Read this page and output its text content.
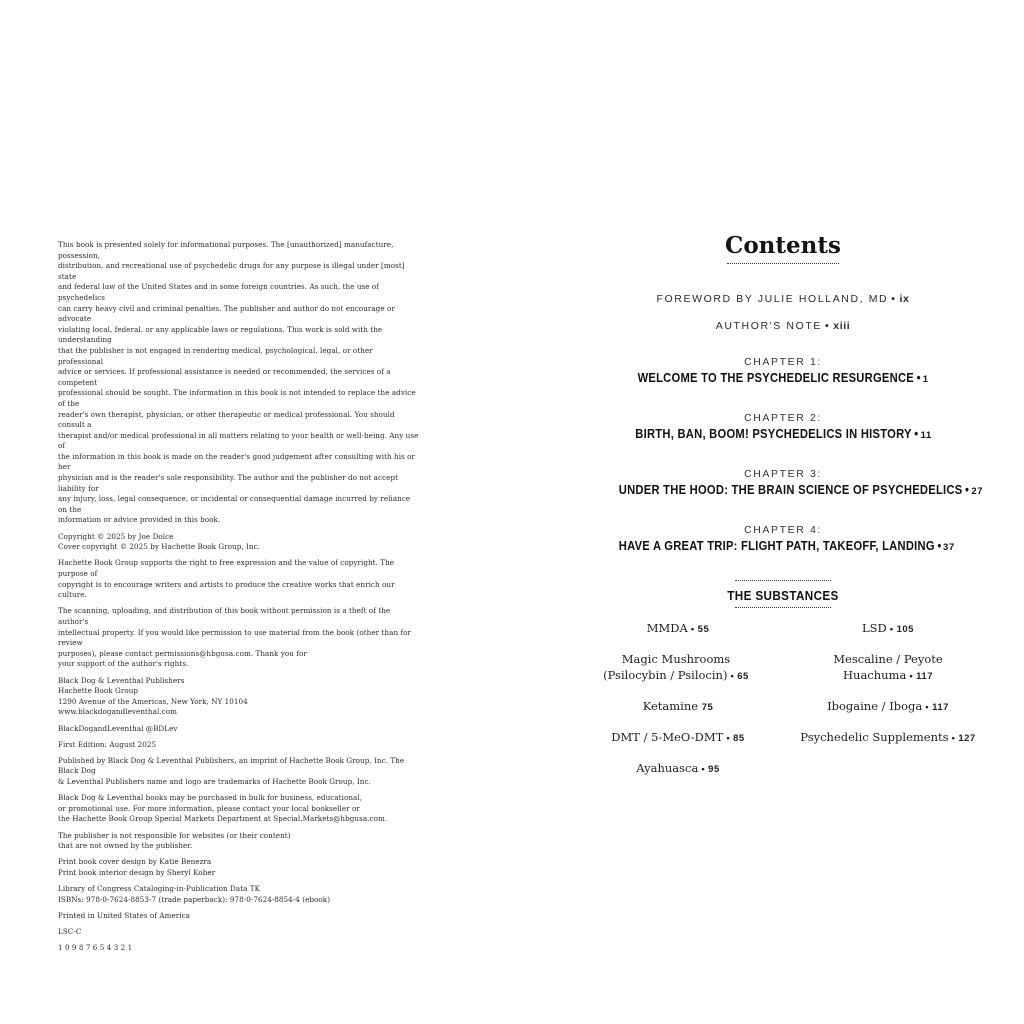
This book is presented solely for informational purposes. The [unauthorized] manufacture, possession,
distribution, and recreational use of psychedelic drugs for any purpose is illegal under [most] state
and federal law of the United States and in some foreign countries. As such, the use of psychedelics
can carry heavy civil and criminal penalties. The publisher and author do not encourage or advocate
violating local, federal, or any applicable laws or regulations. This work is sold with the understanding
that the publisher is not engaged in rendering medical, psychological, legal, or other professional
advice or services. If professional assistance is needed or recommended, the services of a competent
professional should be sought. The information in this book is not intended to replace the advice of the
reader's own therapist, physician, or other therapeutic or medical professional. You should consult a
therapist and/or medical professional in all matters relating to your health or well-being. Any use of
the information in this book is made on the reader's good judgement after consulting with his or her
physician and is the reader's sole responsibility. The author and the publisher do not accept liability for
any injury, loss, legal consequence, or incidental or consequential damage incurred by reliance on the
information or advice provided in this book.

Copyright © 2025 by Joe Dolce
Cover copyright © 2025 by Hachette Book Group, Inc.

Hachette Book Group supports the right to free expression and the value of copyright. The purpose of
copyright is to encourage writers and artists to produce the creative works that enrich our culture.

The scanning, uploading, and distribution of this book without permission is a theft of the author's
intellectual property. If you would like permission to use material from the book (other than for review
purposes), please contact permissions@hbgusa.com. Thank you for
your support of the author's rights.

Black Dog & Leventhal Publishers
Hachette Book Group
1290 Avenue of the Americas, New York, NY 10104
www.blackdogandleventhal.com

BlackDogandLeventhal @BDLev

First Edition: August 2025

Published by Black Dog & Leventhal Publishers, an imprint of Hachette Book Group, Inc. The Black Dog
& Leventhal Publishers name and logo are trademarks of Hachette Book Group, Inc.

Black Dog & Leventhal books may be purchased in bulk for business, educational,
or promotional use. For more information, please contact your local bookseller or
the Hachette Book Group Special Markets Department at Special.Markets@hbgusa.com.

The publisher is not responsible for websites (or their content)
that are not owned by the publisher.

Print book cover design by Katie Benezra
Print book interior design by Sheryl Kober

Library of Congress Cataloging-in-Publication Data TK
ISBNs: 978-0-7624-8853-7 (trade paperback); 978-0-7624-8854-4 (ebook)

Printed in United States of America

LSC-C

1 0 9 8 7 6 5 4 3 2 1

Contents
FOREWORD BY JULIE HOLLAND, MD • ix
AUTHOR'S NOTE • xiii
CHAPTER 1:
WELCOME TO THE PSYCHEDELIC RESURGENCE • 1
CHAPTER 2:
BIRTH, BAN, BOOM! PSYCHEDELICS IN HISTORY • 11
CHAPTER 3:
UNDER THE HOOD: THE BRAIN SCIENCE OF PSYCHEDELICS • 27
CHAPTER 4:
HAVE A GREAT TRIP: FLIGHT PATH, TAKEOFF, LANDING • 37
THE SUBSTANCES
MMDA • 55
Magic Mushrooms
(Psilocybin / Psilocin) • 65
Ketamine 75
DMT / 5-MeO-DMT • 85
Ayahuasca • 95
LSD • 105
Mescaline / Peyote
Huachuma • 117
Ibogaine / Iboga • 117
Psychedelic Supplements • 127
